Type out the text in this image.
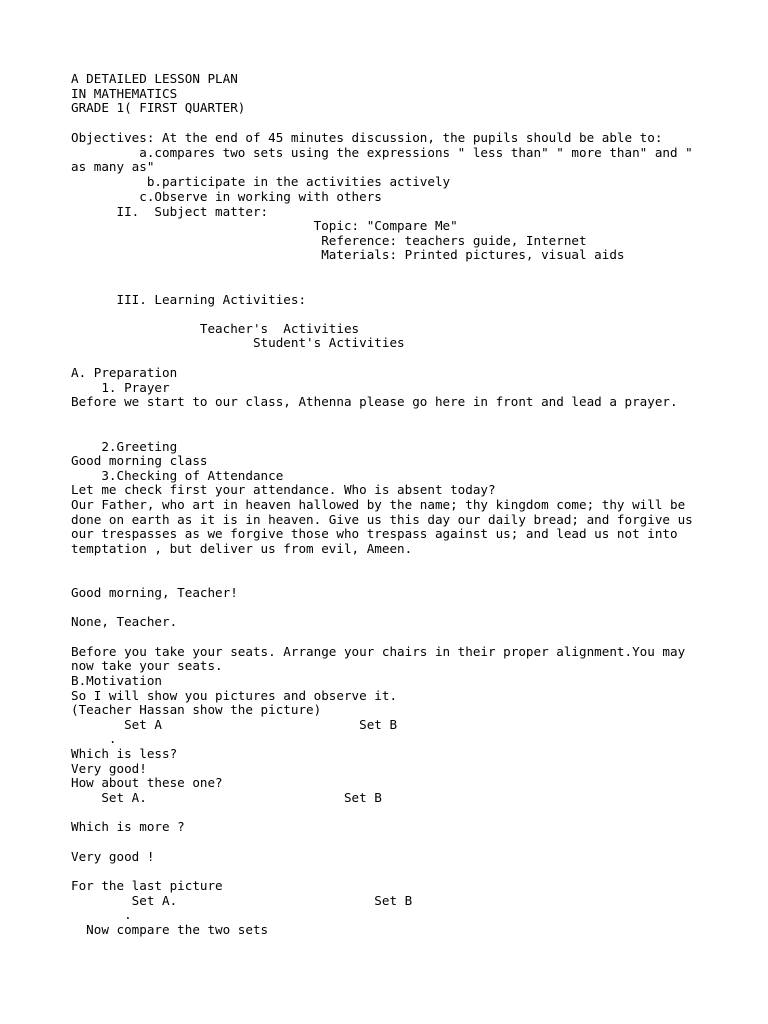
A DETAILED LESSON PLAN
IN MATHEMATICS
GRADE 1( FIRST QUARTER)
Objectives: At the end of 45 minutes discussion, the pupils should be able to:
a.compares two sets using the expressions " less than" " more than" and "
as many as"
b.participate in the activities actively
c.Observe in working with others
II.  Subject matter:
Topic: "Compare Me"
Reference: teachers guide, Internet
Materials: Printed pictures, visual aids
III. Learning Activities:
Teacher's  Activities
Student's Activities
A. Preparation
1. Prayer
Before we start to our class, Athenna please go here in front and lead a prayer.
2.Greeting
Good morning class
3.Checking of Attendance
Let me check first your attendance. Who is absent today?
Our Father, who art in heaven hallowed by the name; thy kingdom come; thy will be
done on earth as it is in heaven. Give us this day our daily bread; and forgive us
our trespasses as we forgive those who trespass against us; and lead us not into
temptation , but deliver us from evil, Ameen.
Good morning, Teacher!
None, Teacher.
Before you take your seats. Arrange your chairs in their proper alignment.You may
now take your seats.
B.Motivation
So I will show you pictures and observe it.
(Teacher Hassan show the picture)
Set A                          Set B
.
Which is less?
Very good!
How about these one?
Set A.                          Set B
Which is more ?
Very good !
For the last picture
Set A.                          Set B
.
Now compare the two sets
